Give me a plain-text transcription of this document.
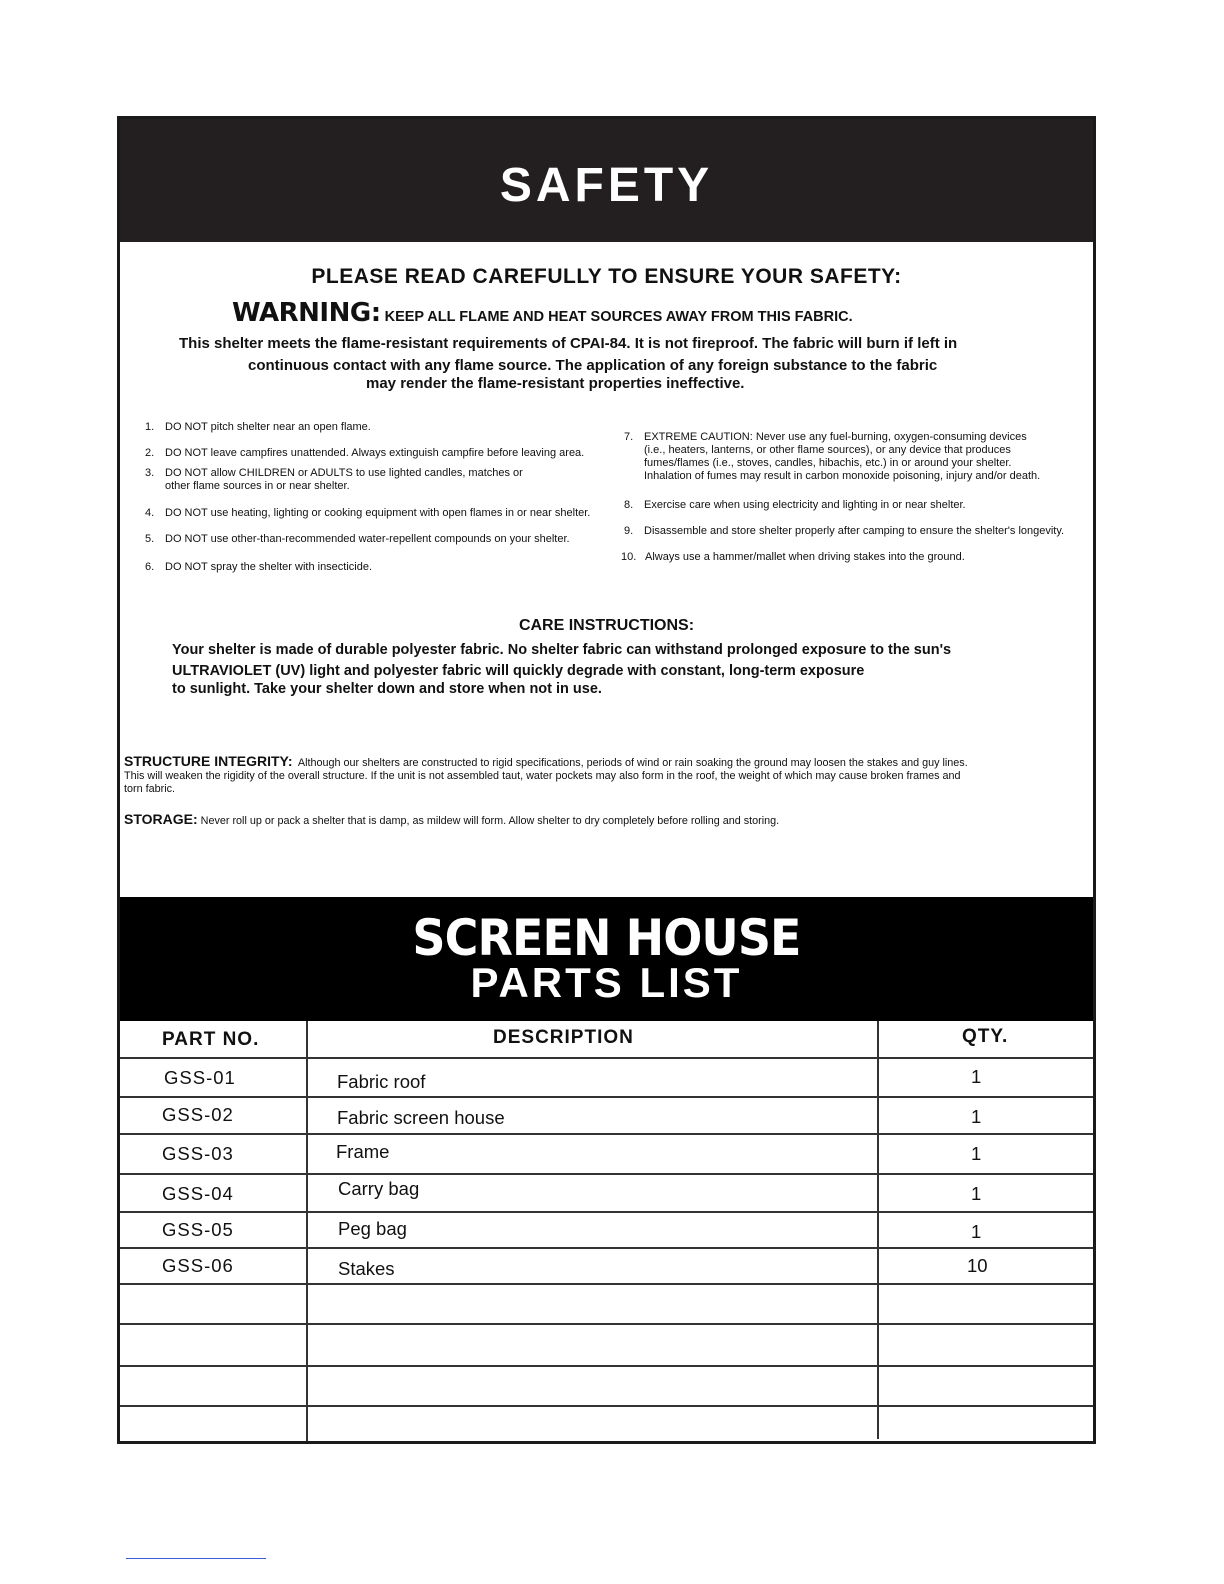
SAFETY
PLEASE READ CAREFULLY TO ENSURE YOUR SAFETY:
WARNING: KEEP ALL FLAME AND HEAT SOURCES AWAY FROM THIS FABRIC.
This shelter meets the flame-resistant requirements of CPAI-84. It is not fireproof. The fabric will burn if left in
continuous contact with any flame source. The application of any foreign substance to the fabric
may render the flame-resistant properties ineffective.
1. DO NOT pitch shelter near an open flame.
2. DO NOT leave campfires unattended. Always extinguish campfire before leaving area.
3. DO NOT allow CHILDREN or ADULTS to use lighted candles, matches or
other flame sources in or near shelter.
4. DO NOT use heating, lighting or cooking equipment with open flames in or near shelter.
5. DO NOT use other-than-recommended water-repellent compounds on your shelter.
6. DO NOT spray the shelter with insecticide.
7. EXTREME CAUTION: Never use any fuel-burning, oxygen-consuming devices
(i.e., heaters, lanterns, or other flame sources), or any device that produces
fumes/flames (i.e., stoves, candles, hibachis, etc.) in or around your shelter.
Inhalation of fumes may result in carbon monoxide poisoning, injury and/or death.
8. Exercise care when using electricity and lighting in or near shelter.
9. Disassemble and store shelter properly after camping to ensure the shelter's longevity.
10. Always use a hammer/mallet when driving stakes into the ground.
CARE INSTRUCTIONS:
Your shelter is made of durable polyester fabric. No shelter fabric can withstand prolonged exposure to the sun's
ULTRAVIOLET (UV) light and polyester fabric will quickly degrade with constant, long-term exposure
to sunlight. Take your shelter down and store when not in use.
STRUCTURE INTEGRITY: Although our shelters are constructed to rigid specifications, periods of wind or rain soaking the ground may loosen the stakes and guy lines.
This will weaken the rigidity of the overall structure. If the unit is not assembled taut, water pockets may also form in the roof, the weight of which may cause broken frames and
torn fabric.
STORAGE: Never roll up or pack a shelter that is damp, as mildew will form. Allow shelter to dry completely before rolling and storing.
SCREEN HOUSE
PARTS LIST
PART NO.	DESCRIPTION	QTY.
GSS-01	Fabric roof	1
GSS-02	Fabric screen house	1
GSS-03	Frame	1
GSS-04	Carry bag	1
GSS-05	Peg bag	1
GSS-06	Stakes	10
